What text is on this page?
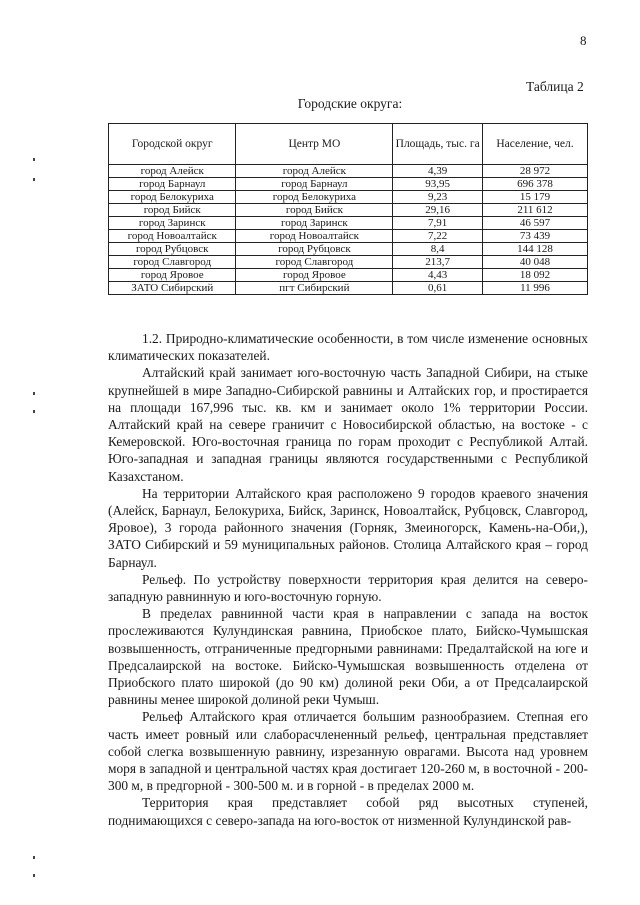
8
Таблица 2
Городские округа:
Городской округ	Центр МО	Площадь, тыс. га	Население, чел.
город Алейск	город Алейск	4,39	28 972
город Барнаул	город Барнаул	93,95	696 378
город Белокуриха	город Белокуриха	9,23	15 179
город Бийск	город Бийск	29,16	211 612
город Заринск	город Заринск	7,91	46 597
город Новоалтайск	город Новоалтайск	7,22	73 439
город Рубцовск	город Рубцовск	8,4	144 128
город Славгород	город Славгород	213,7	40 048
город Яровое	город Яровое	4,43	18 092
ЗАТО Сибирский	пгт Сибирский	0,61	11 996

1.2. Природно-климатические особенности, в том числе изменение основных климатических показателей.

Алтайский край занимает юго-восточную часть Западной Сибири, на стыке крупнейшей в мире Западно-Сибирской равнины и Алтайских гор, и простирается на площади 167,996 тыс. кв. км и занимает около 1% территории России. Алтайский край на севере граничит с Новосибирской областью, на востоке - с Кемеровской. Юго-восточная граница по горам проходит с Республикой Алтай. Юго-западная и западная границы являются государственными с Республикой Казахстаном.

На территории Алтайского края расположено 9 городов краевого значения (Алейск, Барнаул, Белокуриха, Бийск, Заринск, Новоалтайск, Рубцовск, Славгород, Яровое), 3 города районного значения (Горняк, Змеиногорск, Камень-на-Оби,), ЗАТО Сибирский и 59 муниципальных районов. Столица Алтайского края – город Барнаул.

Рельеф. По устройству поверхности территория края делится на северо-западную равнинную и юго-восточную горную.

В пределах равнинной части края в направлении с запада на восток прослеживаются Кулундинская равнина, Приобское плато, Бийско-Чумышская возвышенность, отграниченные предгорными равнинами: Предалтайской на юге и Предсалаирской на востоке. Бийско-Чумышская возвышенность отделена от Приобского плато широкой (до 90 км) долиной реки Оби, а от Предсалаирской равнины менее широкой долиной реки Чумыш.

Рельеф Алтайского края отличается большим разнообразием. Степная его часть имеет ровный или слаборасчлененный рельеф, центральная представляет собой слегка возвышенную равнину, изрезанную оврагами. Высота над уровнем моря в западной и центральной частях края достигает 120-260 м, в восточной - 200-300 м, в предгорной - 300-500 м. и в горной - в пределах 2000 м.

Территория края представляет собой ряд высотных ступеней, поднимающихся с северо-запада на юго-восток от низменной Кулундинской рав-
